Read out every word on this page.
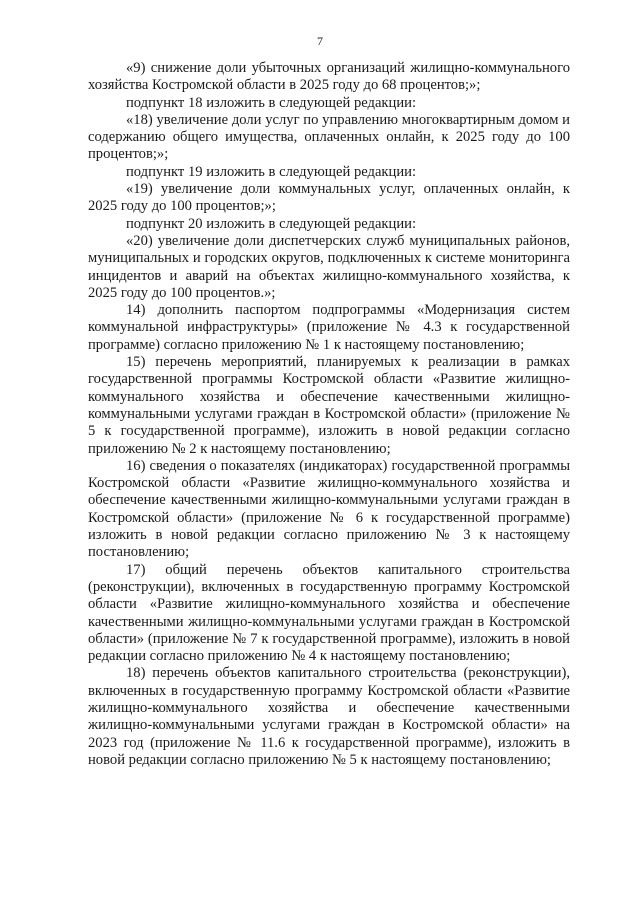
7

«9) снижение доли убыточных организаций жилищно-коммунального хозяйства Костромской области в 2025 году до 68 процентов;»;

подпункт 18 изложить в следующей редакции:

«18) увеличение доли услуг по управлению многоквартирным домом и содержанию общего имущества, оплаченных онлайн, к 2025 году до 100 процентов;»;

подпункт 19 изложить в следующей редакции:

«19) увеличение доли коммунальных услуг, оплаченных онлайн, к 2025 году до 100 процентов;»;

подпункт 20 изложить в следующей редакции:

«20) увеличение доли диспетчерских служб муниципальных районов, муниципальных и городских округов, подключенных к системе мониторинга инцидентов и аварий на объектах жилищно-коммунального хозяйства, к 2025 году до 100 процентов.»;

14) дополнить паспортом подпрограммы «Модернизация систем коммунальной инфраструктуры» (приложение № 4.3 к государственной программе) согласно приложению № 1 к настоящему постановлению;

15) перечень мероприятий, планируемых к реализации в рамках государственной программы Костромской области «Развитие жилищно-коммунального хозяйства и обеспечение качественными жилищно-коммунальными услугами граждан в Костромской области» (приложение № 5 к государственной программе), изложить в новой редакции согласно приложению № 2 к настоящему постановлению;

16) сведения о показателях (индикаторах) государственной программы Костромской области «Развитие жилищно-коммунального хозяйства и обеспечение качественными жилищно-коммунальными услугами граждан в Костромской области» (приложение № 6 к государственной программе) изложить в новой редакции согласно приложению № 3 к настоящему постановлению;

17) общий перечень объектов капитального строительства (реконструкции), включенных в государственную программу Костромской области «Развитие жилищно-коммунального хозяйства и обеспечение качественными жилищно-коммунальными услугами граждан в Костромской области» (приложение № 7 к государственной программе), изложить в новой редакции согласно приложению № 4 к настоящему постановлению;

18) перечень объектов капитального строительства (реконструкции), включенных в государственную программу Костромской области «Развитие жилищно-коммунального хозяйства и обеспечение качественными жилищно-коммунальными услугами граждан в Костромской области» на 2023 год (приложение № 11.6 к государственной программе), изложить в новой редакции согласно приложению № 5 к настоящему постановлению;
